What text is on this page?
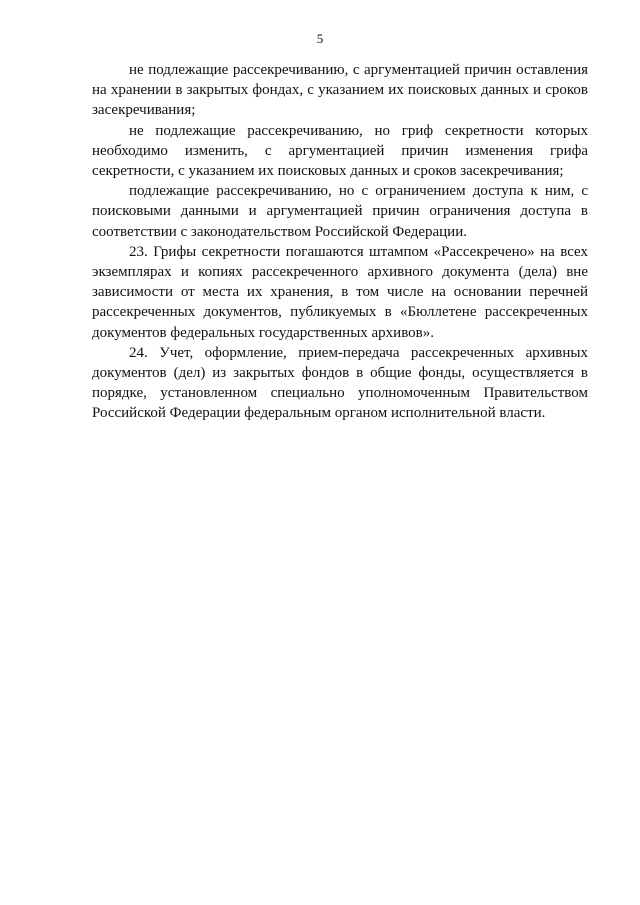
5

не подлежащие рассекречиванию, с аргументацией причин оставления на хранении в закрытых фондах, с указанием их поисковых данных и сроков засекречивания;

не подлежащие рассекречиванию, но гриф секретности которых необходимо изменить, с аргументацией причин изменения грифа секретности, с указанием их поисковых данных и сроков засекречивания;

подлежащие рассекречиванию, но с ограничением доступа к ним, с поисковыми данными и аргументацией причин ограничения доступа в соответствии с законодательством Российской Федерации.

23. Грифы секретности погашаются штампом «Рассекречено» на всех экземплярах и копиях рассекреченного архивного документа (дела) вне зависимости от места их хранения, в том числе на основании перечней рассекреченных документов, публикуемых в «Бюллетене рассекреченных документов федеральных государственных архивов».

24. Учет, оформление, прием-передача рассекреченных архивных документов (дел) из закрытых фондов в общие фонды, осуществляется в порядке, установленном специально уполномоченным Правительством Российской Федерации федеральным органом исполнительной власти.
